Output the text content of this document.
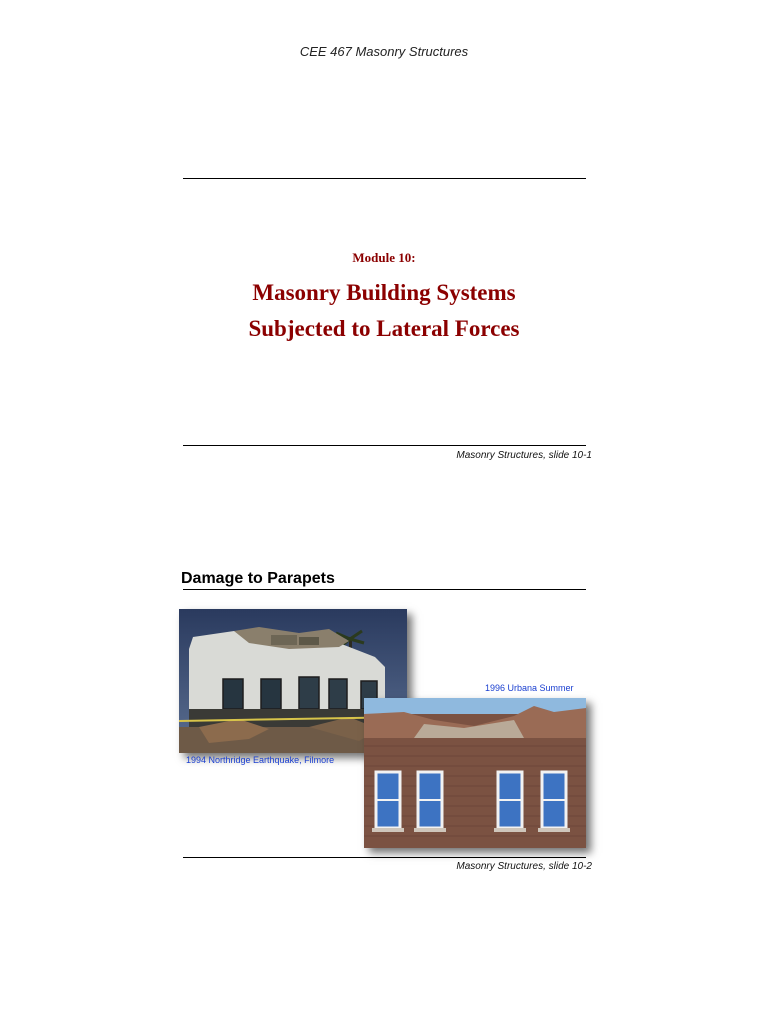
CEE 467 Masonry Structures
Module 10:
Masonry Building Systems
Subjected to Lateral Forces
Masonry Structures, slide 10-1
Damage to Parapets
1996 Urbana Summer
1994 Northridge Earthquake, Filmore
Masonry Structures, slide 10-2
